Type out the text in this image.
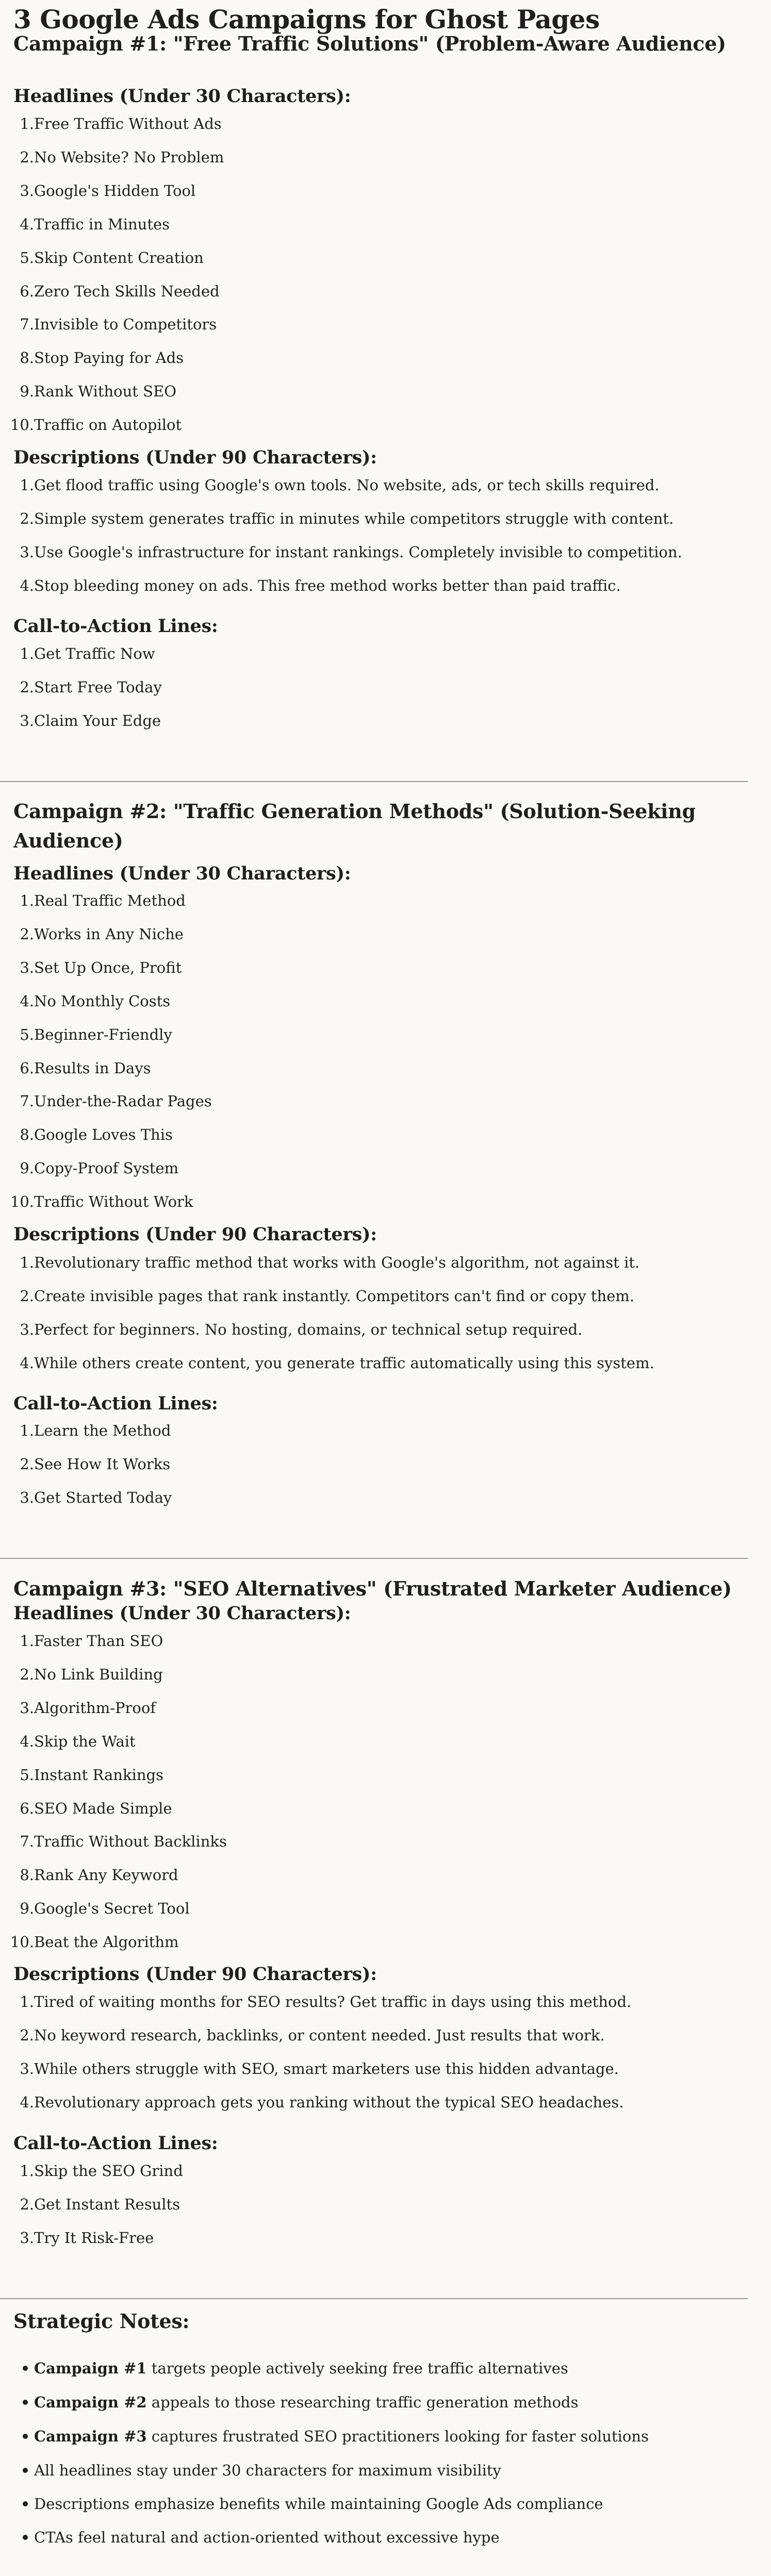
3 Google Ads Campaigns for Ghost Pages
Strategic Notes:
Campaign #1: "Free Traffic Solutions" (Problem-Aware Audience)
Headlines (Under 30 Characters):
1. Free Traffic Without Ads
2. No Website? No Problem
3. Google's Hidden Tool
4. Traffic in Minutes
5. Skip Content Creation
6. Zero Tech Skills Needed
7. Invisible to Competitors
8. Stop Paying for Ads
9. Rank Without SEO
10. Traffic on Autopilot
Descriptions (Under 90 Characters):
1. Get flood traffic using Google's own tools. No website, ads, or tech skills required.
2. Simple system generates traffic in minutes while competitors struggle with content.
3. Use Google's infrastructure for instant rankings. Completely invisible to competition.
4. Stop bleeding money on ads. This free method works better than paid traffic.
Call-to-Action Lines:
1. Get Traffic Now
2. Start Free Today
3. Claim Your Edge
Campaign #2: "Traffic Generation Methods" (Solution-Seeking Audience)
Headlines (Under 30 Characters):
1. Real Traffic Method
2. Works in Any Niche
3. Set Up Once, Profit
4. No Monthly Costs
5. Beginner-Friendly
6. Results in Days
7. Under-the-Radar Pages
8. Google Loves This
9. Copy-Proof System
10. Traffic Without Work
Descriptions (Under 90 Characters):
1. Revolutionary traffic method that works with Google's algorithm, not against it.
2. Create invisible pages that rank instantly. Competitors can't find or copy them.
3. Perfect for beginners. No hosting, domains, or technical setup required.
4. While others create content, you generate traffic automatically using this system.
Call-to-Action Lines:
1. Learn the Method
2. See How It Works
3. Get Started Today
Campaign #3: "SEO Alternatives" (Frustrated Marketer Audience)
Headlines (Under 30 Characters):
1. Faster Than SEO
2. No Link Building
3. Algorithm-Proof
4. Skip the Wait
5. Instant Rankings
6. SEO Made Simple
7. Traffic Without Backlinks
8. Rank Any Keyword
9. Google's Secret Tool
10. Beat the Algorithm
Descriptions (Under 90 Characters):
1. Tired of waiting months for SEO results? Get traffic in days using this method.
2. No keyword research, backlinks, or content needed. Just results that work.
3. While others struggle with SEO, smart marketers use this hidden advantage.
4. Revolutionary approach gets you ranking without the typical SEO headaches.
Call-to-Action Lines:
1. Skip the SEO Grind
2. Get Instant Results
3. Try It Risk-Free
Campaign #1 targets people actively seeking free traffic alternatives
Campaign #2 appeals to those researching traffic generation methods
Campaign #3 captures frustrated SEO practitioners looking for faster solutions
All headlines stay under 30 characters for maximum visibility
Descriptions emphasize benefits while maintaining Google Ads compliance
CTAs feel natural and action-oriented without excessive hype
